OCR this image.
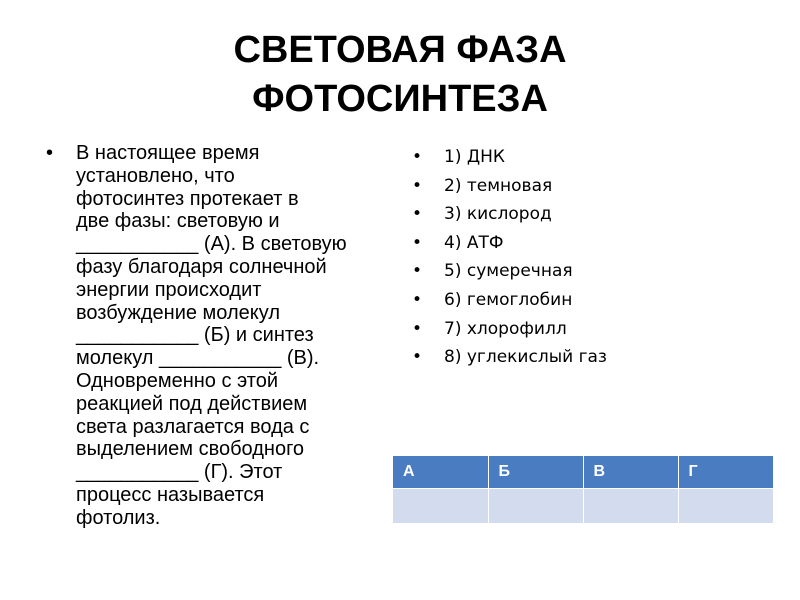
СВЕТОВАЯ ФАЗА
ФОТОСИНТЕЗА
• В настоящее время
установлено, что
фотосинтез протекает в
две фазы: световую и
___________ (А). В световую
фазу благодаря солнечной
энергии происходит
возбуждение молекул
___________ (Б) и синтез
молекул ___________ (В).
Одновременно с этой
реакцией под действием
света разлагается вода с
выделением свободного
___________ (Г). Этот
процесс называется
фотолиз.

• 1) ДНК
• 2) темновая
• 3) кислород
• 4) АТФ
• 5) сумеречная
• 6) гемоглобин
• 7) хлорофилл
• 8) углекислый газ
А	Б	В	Г
